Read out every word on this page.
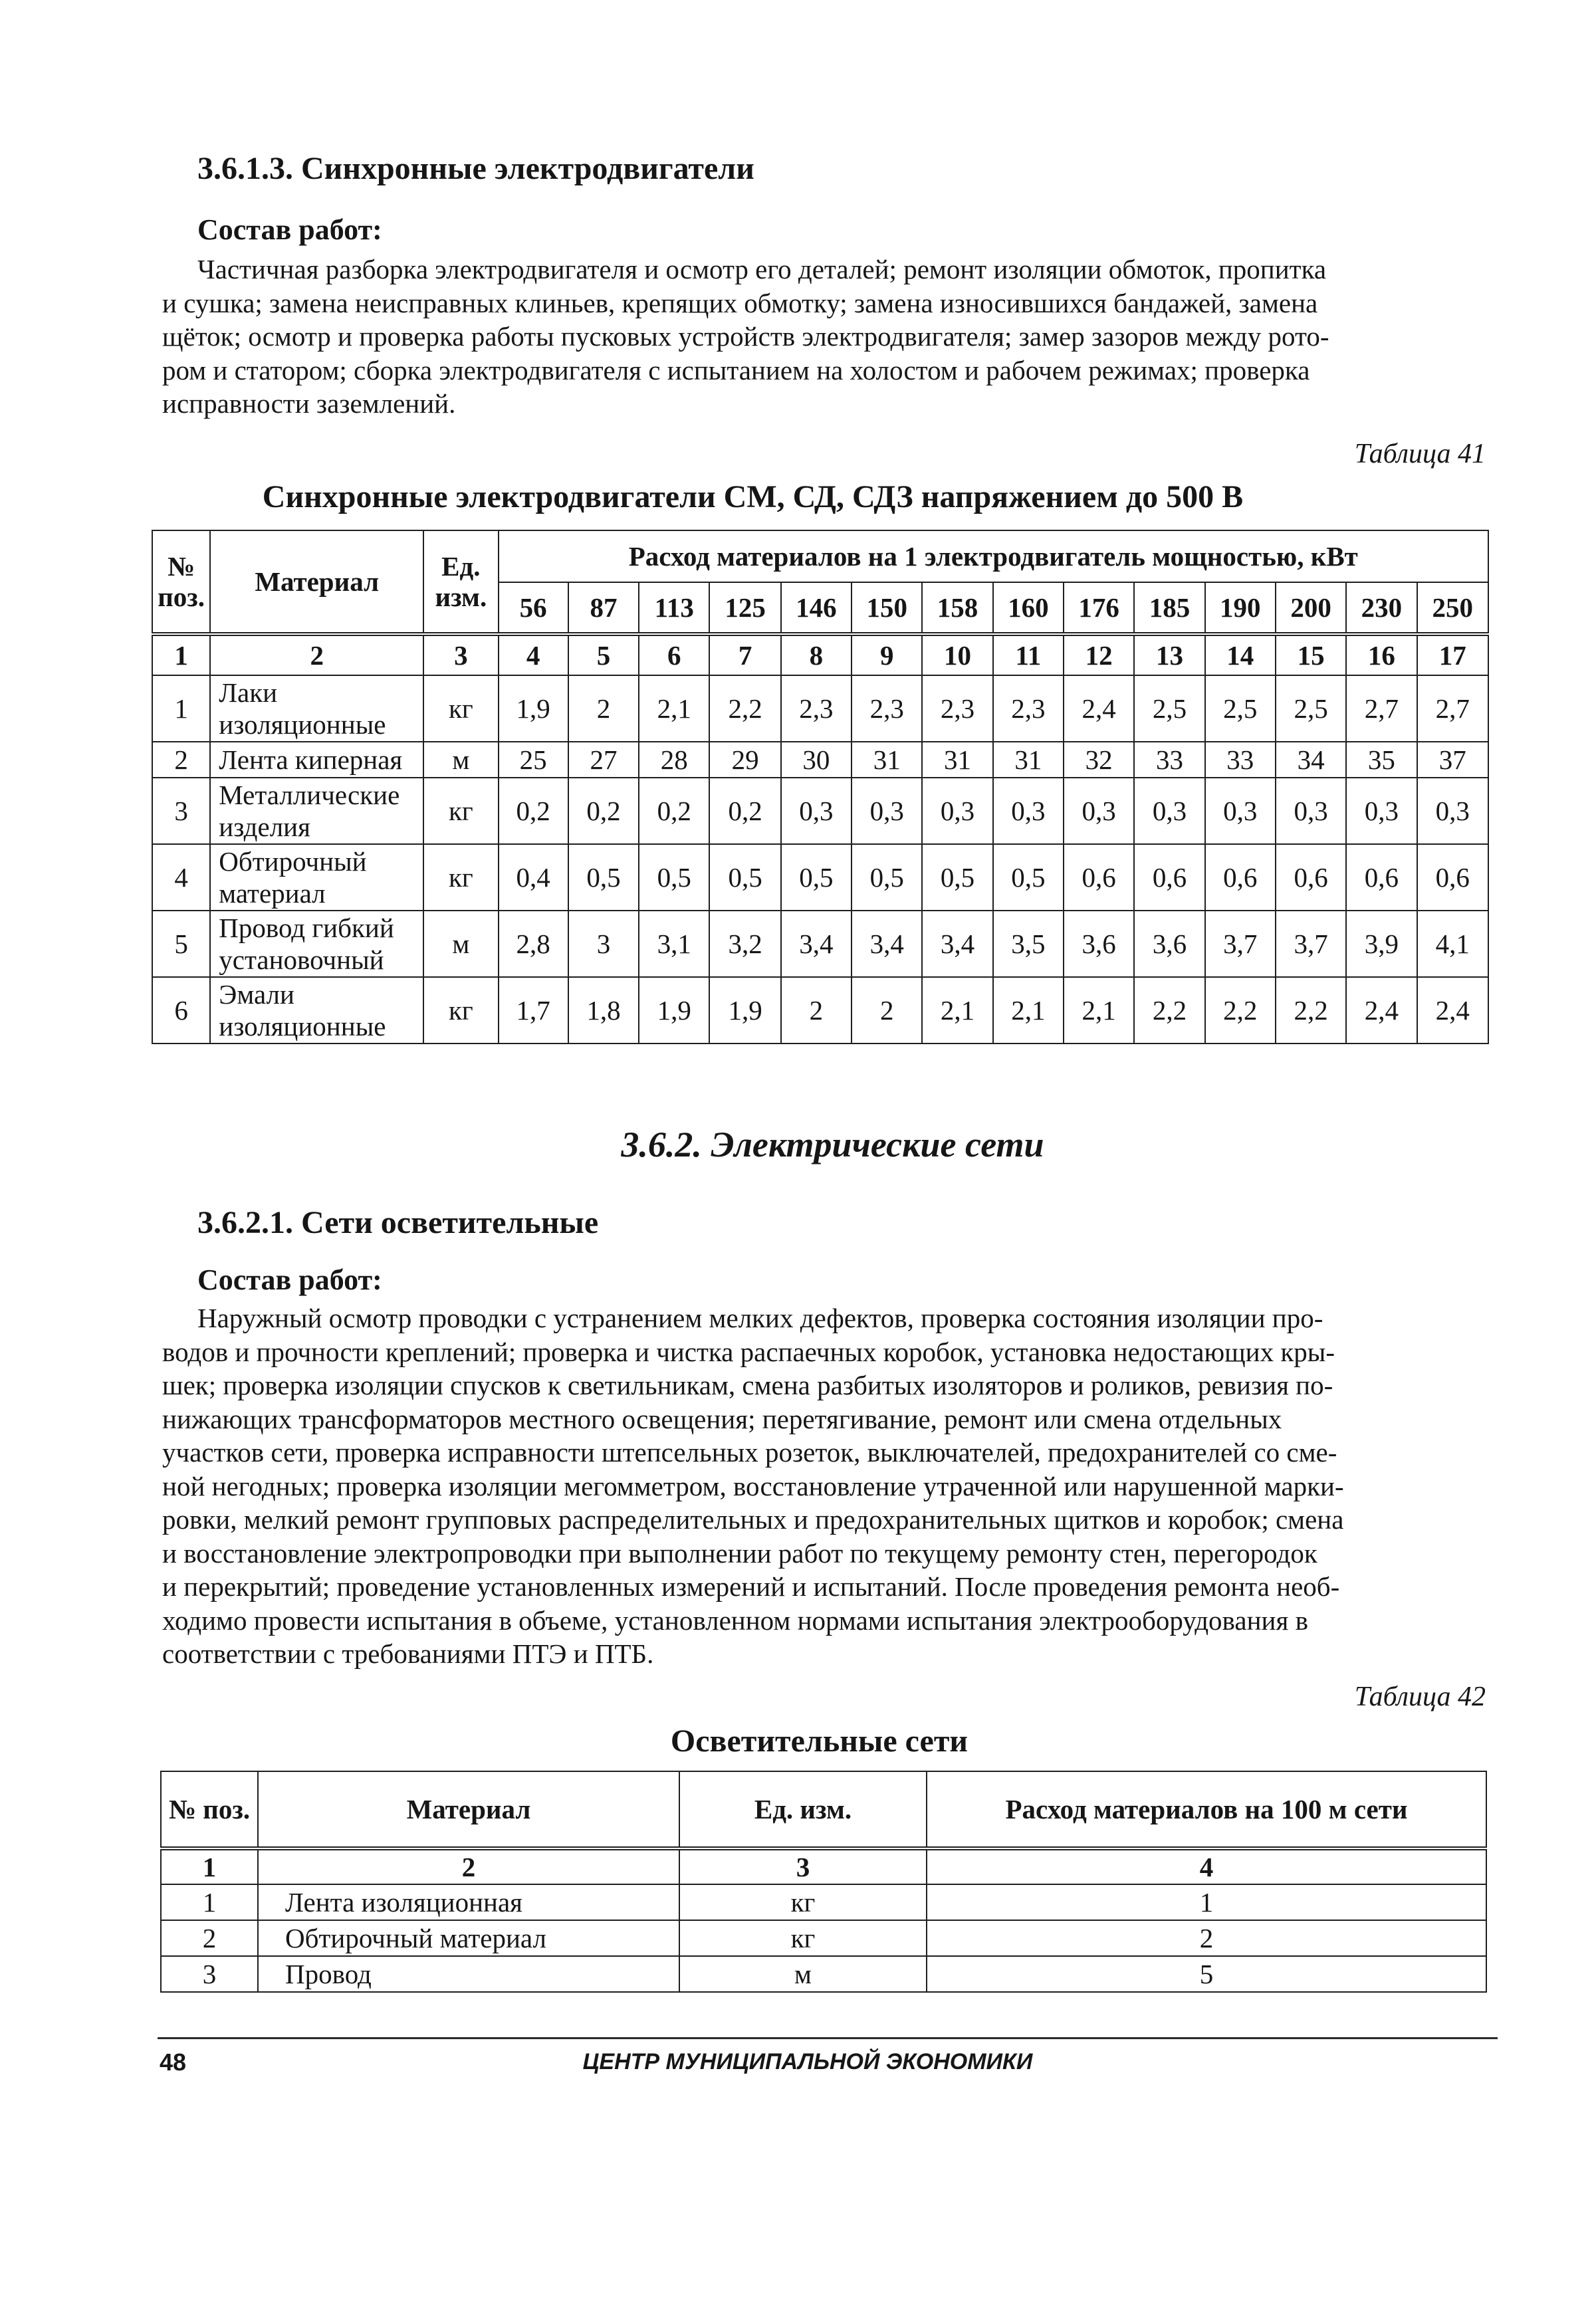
3.6.1.3. Синхронные электродвигатели
Состав работ:
Частичная разборка электродвигателя и осмотр его деталей; ремонт изоляции обмоток, пропитка
и сушка; замена неисправных клиньев, крепящих обмотку; замена износившихся бандажей, замена
щёток; осмотр и проверка работы пусковых устройств электродвигателя; замер зазоров между рото-
ром и статором; сборка электродвигателя с испытанием на холостом и рабочем режимах; проверка
исправности заземлений.
Таблица 41
Синхронные электродвигатели СМ, СД, СДЗ напряжением до 500 В
№ поз.	Материал	Ед. изм.	Расход материалов на 1 электродвигатель мощностью, кВт													
			56	87	113	125	146	150	158	160	176	185	190	200	230	250
1	2	3	4	5	6	7	8	9	10	11	12	13	14	15	16	17
1	Лаки изоляционные	кг	1,9	2	2,1	2,2	2,3	2,3	2,3	2,3	2,4	2,5	2,5	2,5	2,7	2,7
2	Лента киперная	м	25	27	28	29	30	31	31	31	32	33	33	34	35	37
3	Металлические изделия	кг	0,2	0,2	0,2	0,2	0,3	0,3	0,3	0,3	0,3	0,3	0,3	0,3	0,3	0,3
4	Обтирочный материал	кг	0,4	0,5	0,5	0,5	0,5	0,5	0,5	0,5	0,6	0,6	0,6	0,6	0,6	0,6
5	Провод гибкий установочный	м	2,8	3	3,1	3,2	3,4	3,4	3,4	3,5	3,6	3,6	3,7	3,7	3,9	4,1
6	Эмали изоляционные	кг	1,7	1,8	1,9	1,9	2	2	2,1	2,1	2,1	2,2	2,2	2,2	2,4	2,4
3.6.2. Электрические сети
3.6.2.1. Сети осветительные
Состав работ:
Наружный осмотр проводки с устранением мелких дефектов, проверка состояния изоляции про-
водов и прочности креплений; проверка и чистка распаечных коробок, установка недостающих кры-
шек; проверка изоляции спусков к светильникам, смена разбитых изоляторов и роликов, ревизия по-
нижающих трансформаторов местного освещения; перетягивание, ремонт или смена отдельных
участков сети, проверка исправности штепсельных розеток, выключателей, предохранителей со сме-
ной негодных; проверка изоляции мегомметром, восстановление утраченной или нарушенной марки-
ровки, мелкий ремонт групповых распределительных и предохранительных щитков и коробок; смена
и восстановление электропроводки при выполнении работ по текущему ремонту стен, перегородок
и перекрытий; проведение установленных измерений и испытаний. После проведения ремонта необ-
ходимо провести испытания в объеме, установленном нормами испытания электрооборудования в
соответствии с требованиями ПТЭ и ПТБ.
Таблица 42
Осветительные сети
№ поз.	Материал	Ед. изм.	Расход материалов на 100 м сети
1	2	3	4
1	Лента изоляционная	кг	1
2	Обтирочный материал	кг	2
3	Провод	м	5
48	ЦЕНТР МУНИЦИПАЛЬНОЙ ЭКОНОМИКИ
